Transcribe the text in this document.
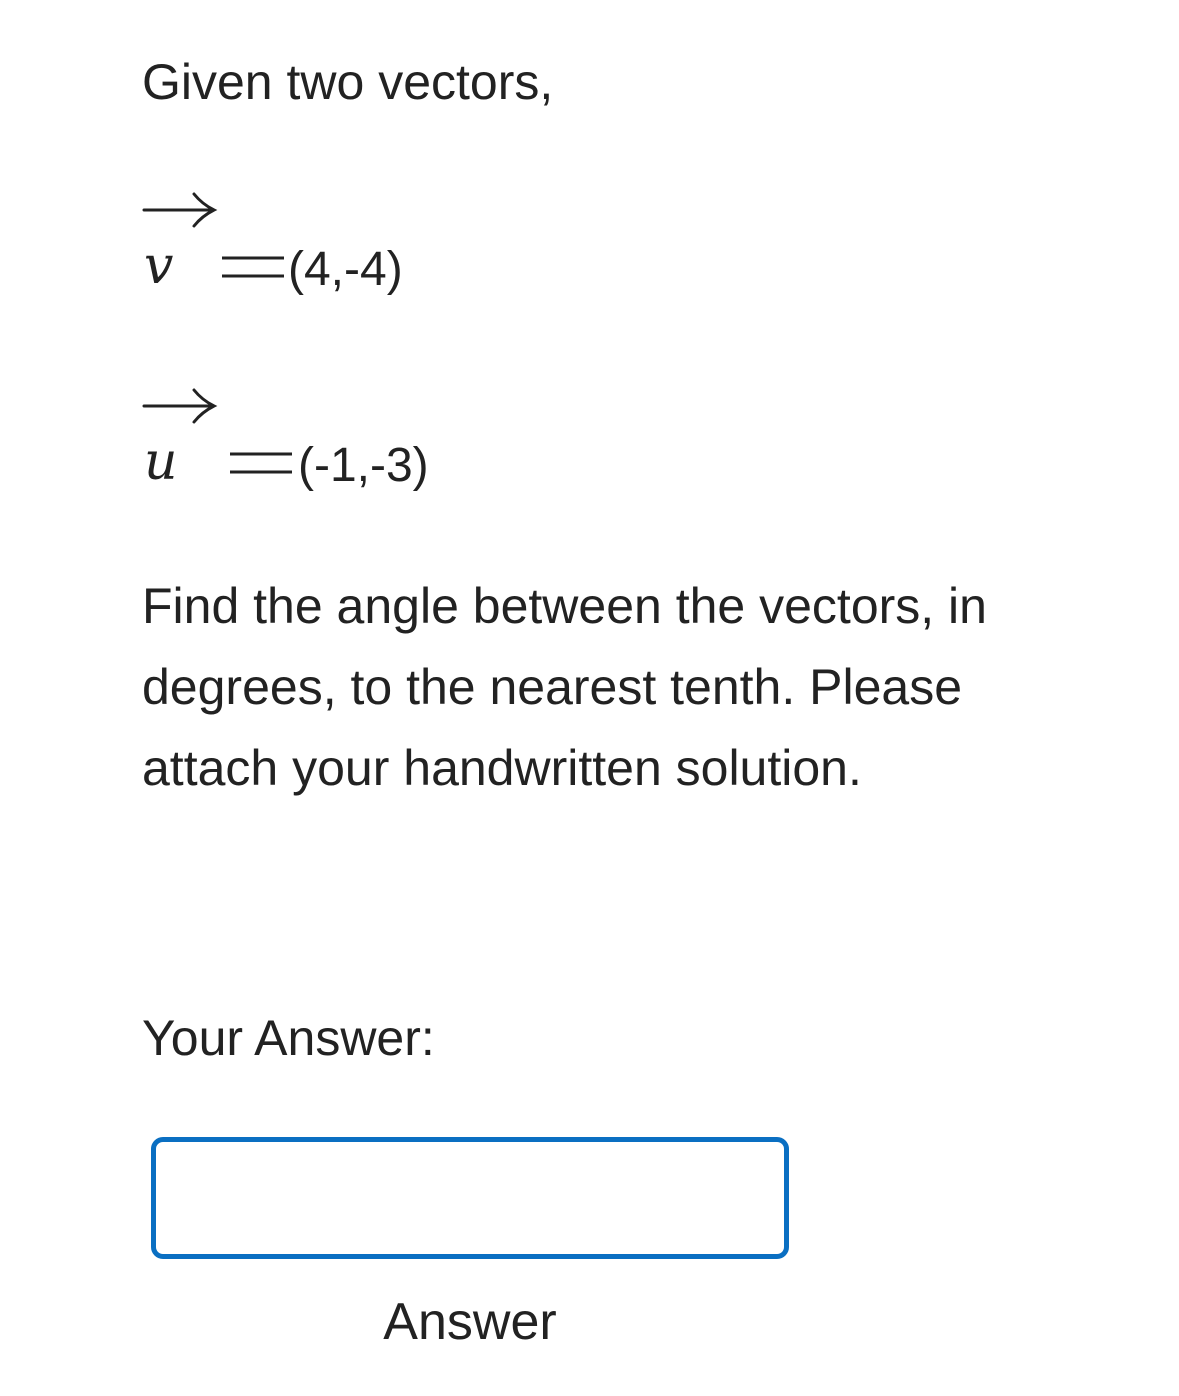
Given two vectors,

v (4,-4)
u	(-1,-3)

Find the angle between the vectors, in degrees, to the nearest tenth. Please attach your handwritten solution.

Your Answer:

Answer
